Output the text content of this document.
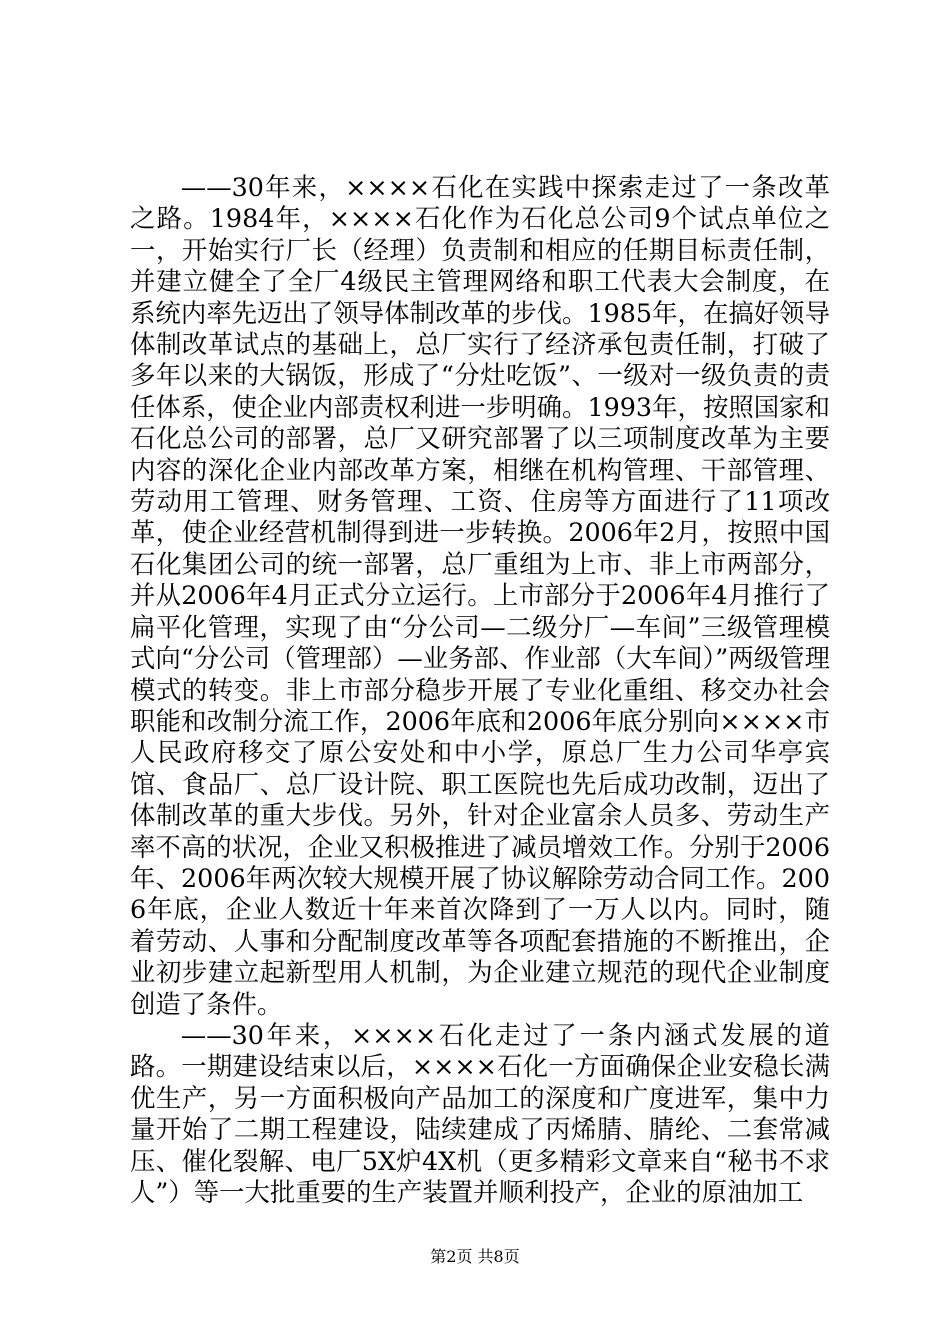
——30年来，××××石化在实践中探索走过了一条改革之路。1984年，××××石化作为石化总公司9个试点单位之一，开始实行厂长（经理）负责制和相应的任期目标责任制，并建立健全了全厂4级民主管理网络和职工代表大会制度，在系统内率先迈出了领导体制改革的步伐。1985年，在搞好领导体制改革试点的基础上，总厂实行了经济承包责任制，打破了多年以来的大锅饭，形成了“分灶吃饭”、一级对一级负责的责任体系，使企业内部责权利进一步明确。1993年，按照国家和石化总公司的部署，总厂又研究部署了以三项制度改革为主要内容的深化企业内部改革方案，相继在机构管理、干部管理、劳动用工管理、财务管理、工资、住房等方面进行了11项改革，使企业经营机制得到进一步转换。2006年2月，按照中国石化集团公司的统一部署，总厂重组为上市、非上市两部分，并从2006年4月正式分立运行。上市部分于2006年4月推行了扁平化管理，实现了由“分公司—二级分厂—车间”三级管理模式向“分公司（管理部）—业务部、作业部（大车间）”两级管理模式的转变。非上市部分稳步开展了专业化重组、移交办社会职能和改制分流工作，2006年底和2006年底分别向××××市人民政府移交了原公安处和中小学，原总厂生力公司华亭宾馆、食品厂、总厂设计院、职工医院也先后成功改制，迈出了体制改革的重大步伐。另外，针对企业富余人员多、劳动生产率不高的状况，企业又积极推进了减员增效工作。分别于2006年、2006年两次较大规模开展了协议解除劳动合同工作。2006年底，企业人数近十年来首次降到了一万人以内。同时，随着劳动、人事和分配制度改革等各项配套措施的不断推出，企业初步建立起新型用人机制，为企业建立规范的现代企业制度创造了条件。

——30年来，××××石化走过了一条内涵式发展的道路。一期建设结束以后，××××石化一方面确保企业安稳长满优生产，另一方面积极向产品加工的深度和广度进军，集中力量开始了二期工程建设，陆续建成了丙烯腈、腈纶、二套常减压、催化裂解、电厂5X炉4X机（更多精彩文章来自“秘书不求人”）等一大批重要的生产装置并顺利投产，企业的原油加工

第2页 共8页
